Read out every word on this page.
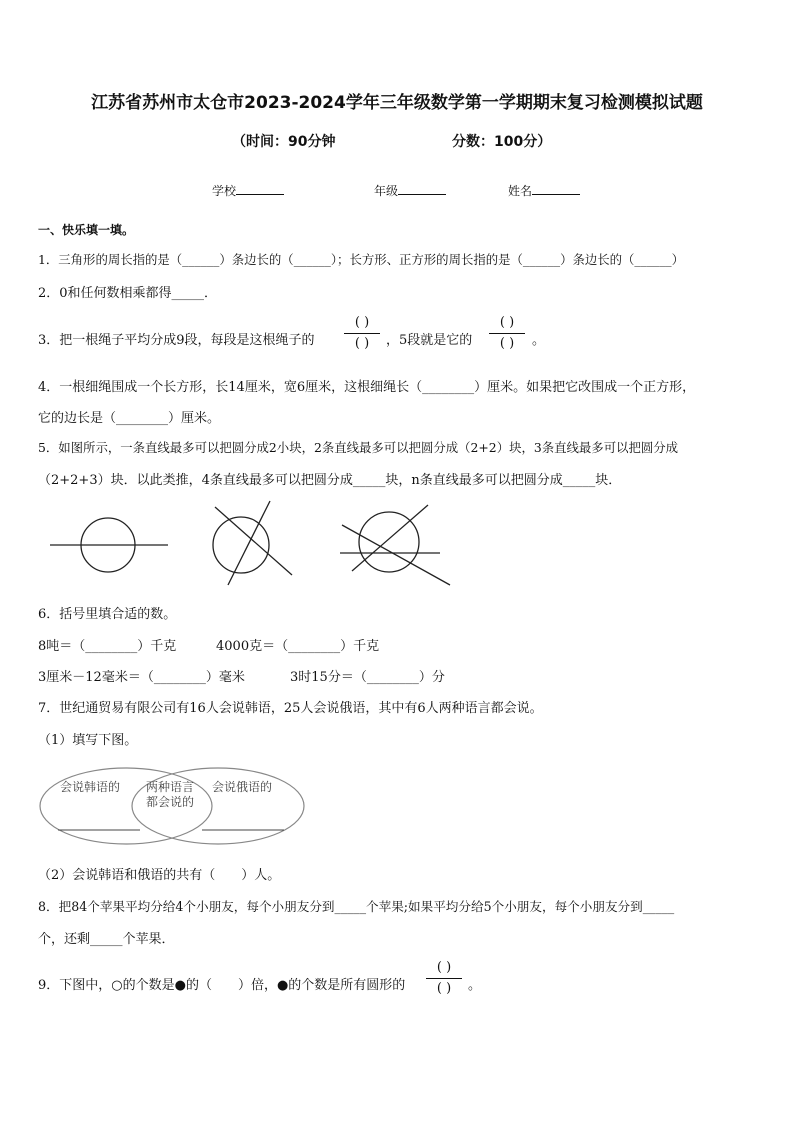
江苏省苏州市太仓市2023-2024学年三年级数学第一学期期末复习检测模拟试题
（时间：90分钟	分数：100分）
学校	年级	姓名
一、快乐填一填。
1．三角形的周长指的是（______）条边长的（______）；长方形、正方形的周长指的是（______）条边长的（______）
2．0和任何数相乘都得_____．
3．把一根绳子平均分成9段，每段是这根绳子的
( )
( )	，5段就是它的
( )
( )	。
4．一根细绳围成一个长方形，长14厘米，宽6厘米，这根细绳长（________）厘米。如果把它改围成一个正方形，
它的边长是（________）厘米。
5．如图所示，一条直线最多可以把圆分成2小块，2条直线最多可以把圆分成（2+2）块，3条直线最多可以把圆分成
（2+2+3）块．以此类推，4条直线最多可以把圆分成_____块，n条直线最多可以把圆分成_____块．
6．括号里填合适的数。
8吨＝（________）千克	4000克＝（________）千克
3厘米－12毫米＝（________）毫米	3时15分＝（________）分
7．世纪通贸易有限公司有16人会说韩语，25人会说俄语，其中有6人两种语言都会说。
（1）填写下图。
会说韩语的 两种语言
都会说的
会说俄语的
（2）会说韩语和俄语的共有（　　）人。
8．把84个苹果平均分给4个小朋友，每个小朋友分到_____个苹果;如果平均分给5个小朋友，每个小朋友分到_____
个，还剩_____个苹果．
9．下图中，○的个数是●的（　　）倍，●的个数是所有圆形的
( )
( )	。
